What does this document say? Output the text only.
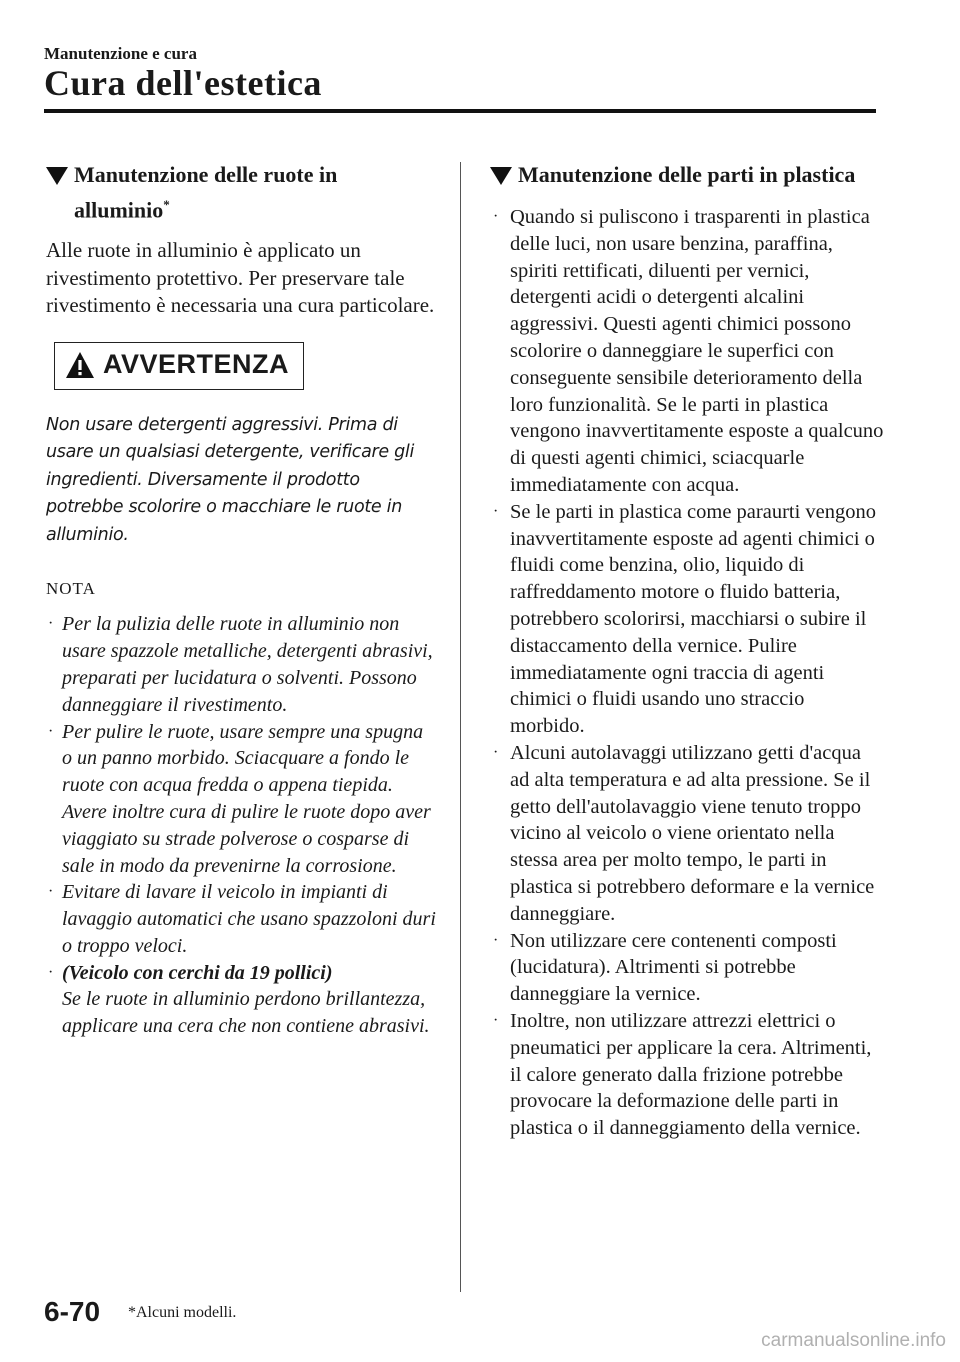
Manutenzione e cura
Cura dell'estetica
Manutenzione delle ruote in alluminio*

Alle ruote in alluminio è applicato un rivestimento protettivo. Per preservare tale rivestimento è necessaria una cura particolare.

AVVERTENZA

Non usare detergenti aggressivi. Prima di usare un qualsiasi detergente, verificare gli ingredienti. Diversamente il prodotto potrebbe scolorire o macchiare le ruote in alluminio.

NOTA

· Per la pulizia delle ruote in alluminio non usare spazzole metalliche, detergenti abrasivi, preparati per lucidatura o solventi. Possono danneggiare il rivestimento.
· Per pulire le ruote, usare sempre una spugna o un panno morbido. Sciacquare a fondo le ruote con acqua fredda o appena tiepida. Avere inoltre cura di pulire le ruote dopo aver viaggiato su strade polverose o cosparse di sale in modo da prevenirne la corrosione.
· Evitare di lavare il veicolo in impianti di lavaggio automatici che usano spazzoloni duri o troppo veloci.
· (Veicolo con cerchi da 19 pollici)
Se le ruote in alluminio perdono brillantezza, applicare una cera che non contiene abrasivi.
Manutenzione delle parti in plastica
· Quando si puliscono i trasparenti in plastica delle luci, non usare benzina, paraffina, spiriti rettificati, diluenti per vernici, detergenti acidi o detergenti alcalini aggressivi. Questi agenti chimici possono scolorire o danneggiare le superfici con conseguente sensibile deterioramento della loro funzionalità. Se le parti in plastica vengono inavvertitamente esposte a qualcuno di questi agenti chimici, sciacquarle immediatamente con acqua.
· Se le parti in plastica come paraurti vengono inavvertitamente esposte ad agenti chimici o fluidi come benzina, olio, liquido di raffreddamento motore o fluido batteria, potrebbero scolorirsi, macchiarsi o subire il distaccamento della vernice. Pulire immediatamente ogni traccia di agenti chimici o fluidi usando uno straccio morbido.
· Alcuni autolavaggi utilizzano getti d'acqua ad alta temperatura e ad alta pressione. Se il getto dell'autolavaggio viene tenuto troppo vicino al veicolo o viene orientato nella stessa area per molto tempo, le parti in plastica si potrebbero deformare e la vernice danneggiare.
· Non utilizzare cere contenenti composti (lucidatura). Altrimenti si potrebbe danneggiare la vernice.
· Inoltre, non utilizzare attrezzi elettrici o pneumatici per applicare la cera. Altrimenti, il calore generato dalla frizione potrebbe provocare la deformazione delle parti in plastica o il danneggiamento della vernice.
6-70 *Alcuni modelli.
carmanualsonline.info
